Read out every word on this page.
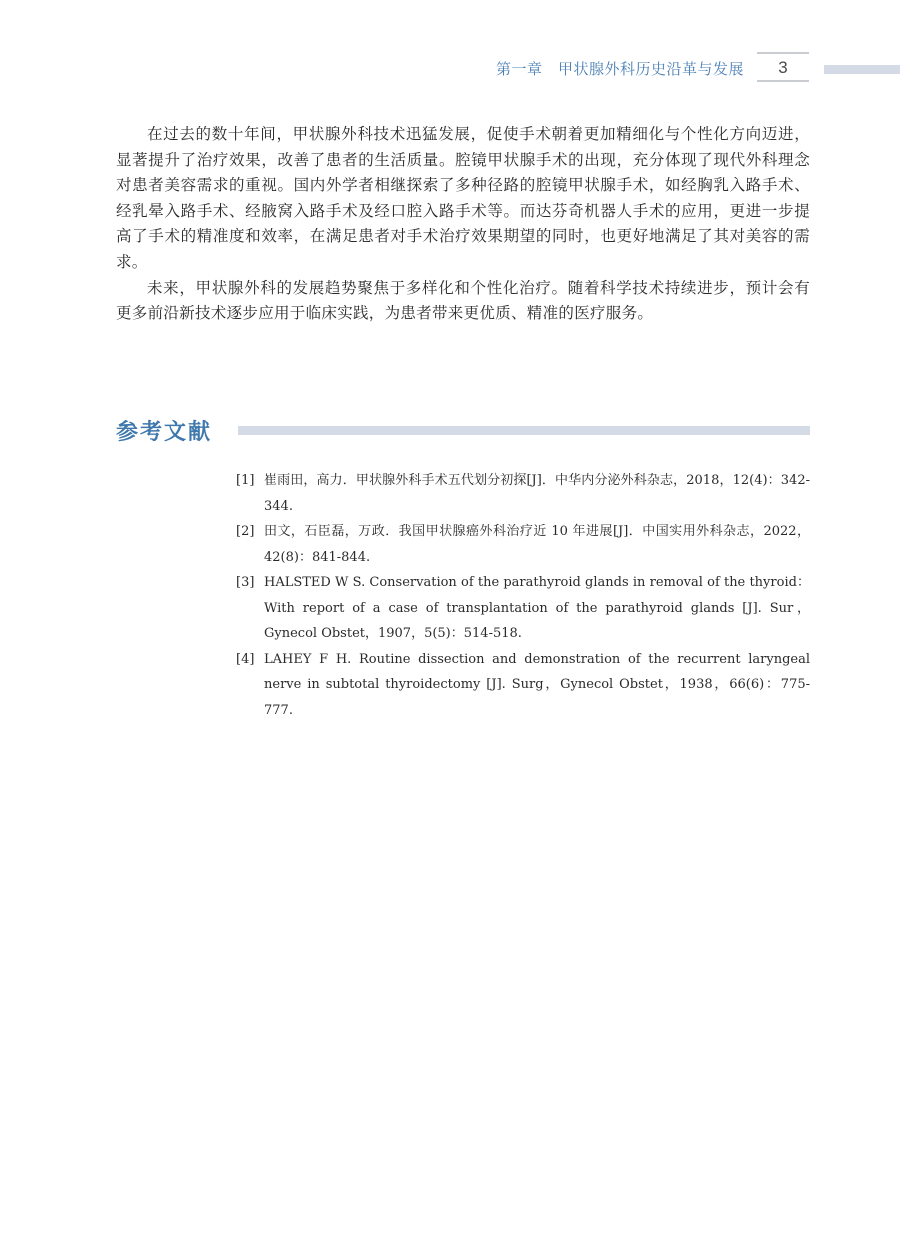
第一章　甲状腺外科历史沿革与发展	3

在过去的数十年间，甲状腺外科技术迅猛发展，促使手术朝着更加精细化与个性化方向迈进，显著提升了治疗效果，改善了患者的生活质量。腔镜甲状腺手术的出现，充分体现了现代外科理念对患者美容需求的重视。国内外学者相继探索了多种径路的腔镜甲状腺手术，如经胸乳入路手术、经乳晕入路手术、经腋窝入路手术及经口腔入路手术等。而达芬奇机器人手术的应用，更进一步提高了手术的精准度和效率，在满足患者对手术治疗效果期望的同时，也更好地满足了其对美容的需求。

未来，甲状腺外科的发展趋势聚焦于多样化和个性化治疗。随着科学技术持续进步，预计会有更多前沿新技术逐步应用于临床实践，为患者带来更优质、精准的医疗服务。

参考文献
[1] 崔雨田，高力．甲状腺外科手术五代划分初探[J]．中华内分泌外科杂志，2018，12(4)：342-344.
[2] 田文，石臣磊，万政．我国甲状腺癌外科治疗近 10 年进展[J]．中国实用外科杂志，2022，42(8)：841-844.
[3] HALSTED W S. Conservation of the parathyroid glands in removal of the thyroid：With report of a case of transplantation of the parathyroid glands [J]. Sur，Gynecol Obstet，1907，5(5)：514-518.
[4] LAHEY F H. Routine dissection and demonstration of the recurrent laryngeal nerve in subtotal thyroidectomy [J]. Surg，Gynecol Obstet，1938，66(6)：775-777.
